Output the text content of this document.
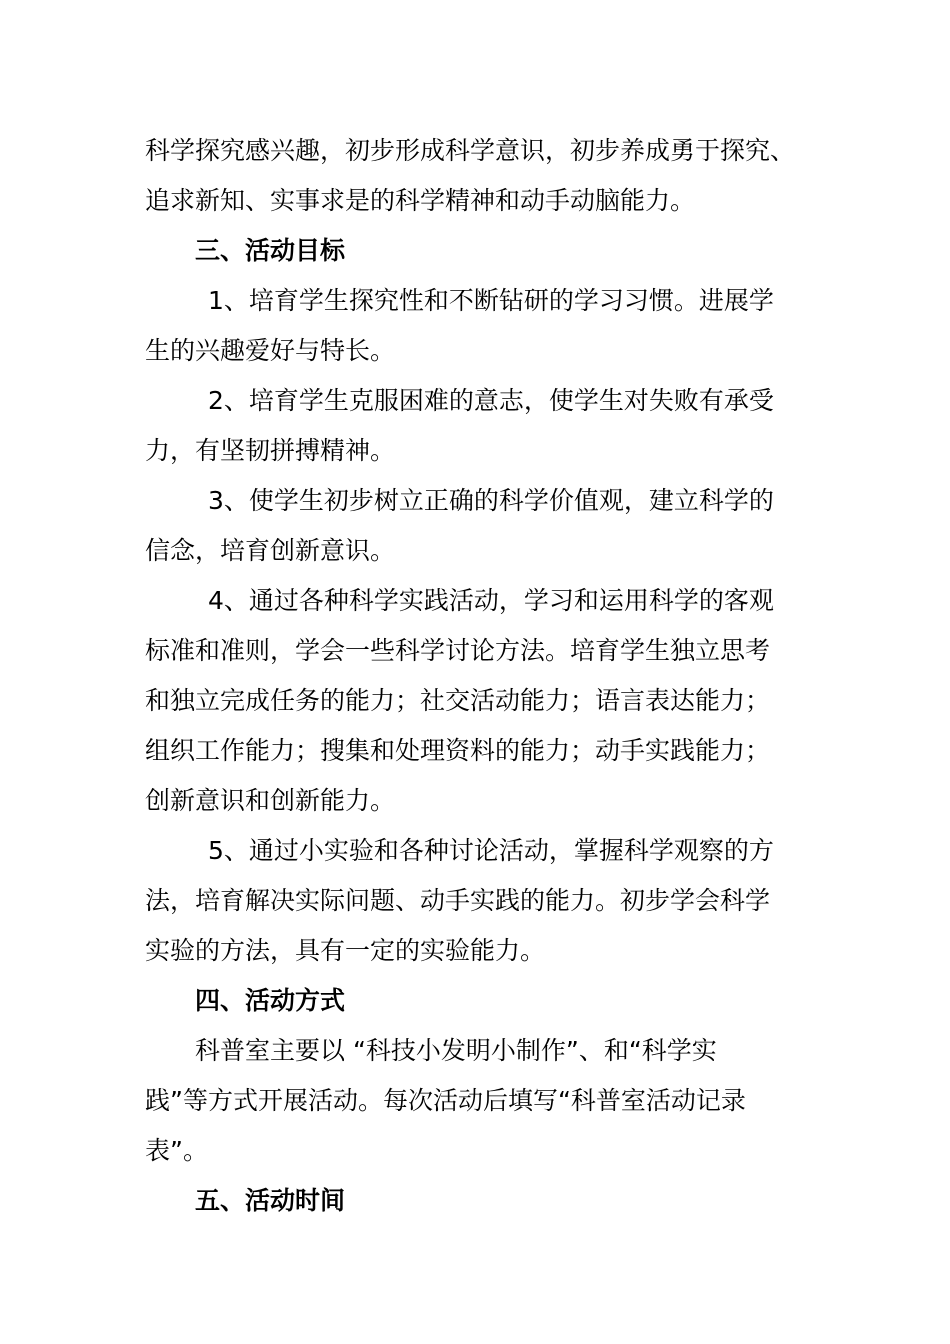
科学探究感兴趣，初步形成科学意识，初步养成勇于探究、
追求新知、实事求是的科学精神和动手动脑能力。
三、活动目标
1、培育学生探究性和不断钻研的学习习惯。进展学
生的兴趣爱好与特长。
2、培育学生克服困难的意志，使学生对失败有承受
力，有坚韧拼搏精神。
3、使学生初步树立正确的科学价值观，建立科学的
信念，培育创新意识。
4、通过各种科学实践活动，学习和运用科学的客观
标准和准则，学会一些科学讨论方法。培育学生独立思考
和独立完成任务的能力；社交活动能力；语言表达能力；
组织工作能力；搜集和处理资料的能力；动手实践能力；
创新意识和创新能力。
5、通过小实验和各种讨论活动，掌握科学观察的方
法，培育解决实际问题、动手实践的能力。初步学会科学
实验的方法，具有一定的实验能力。
四、活动方式
科普室主要以 “科技小发明小制作”、和“科学实
践”等方式开展活动。每次活动后填写“科普室活动记录
表”。
五、活动时间
